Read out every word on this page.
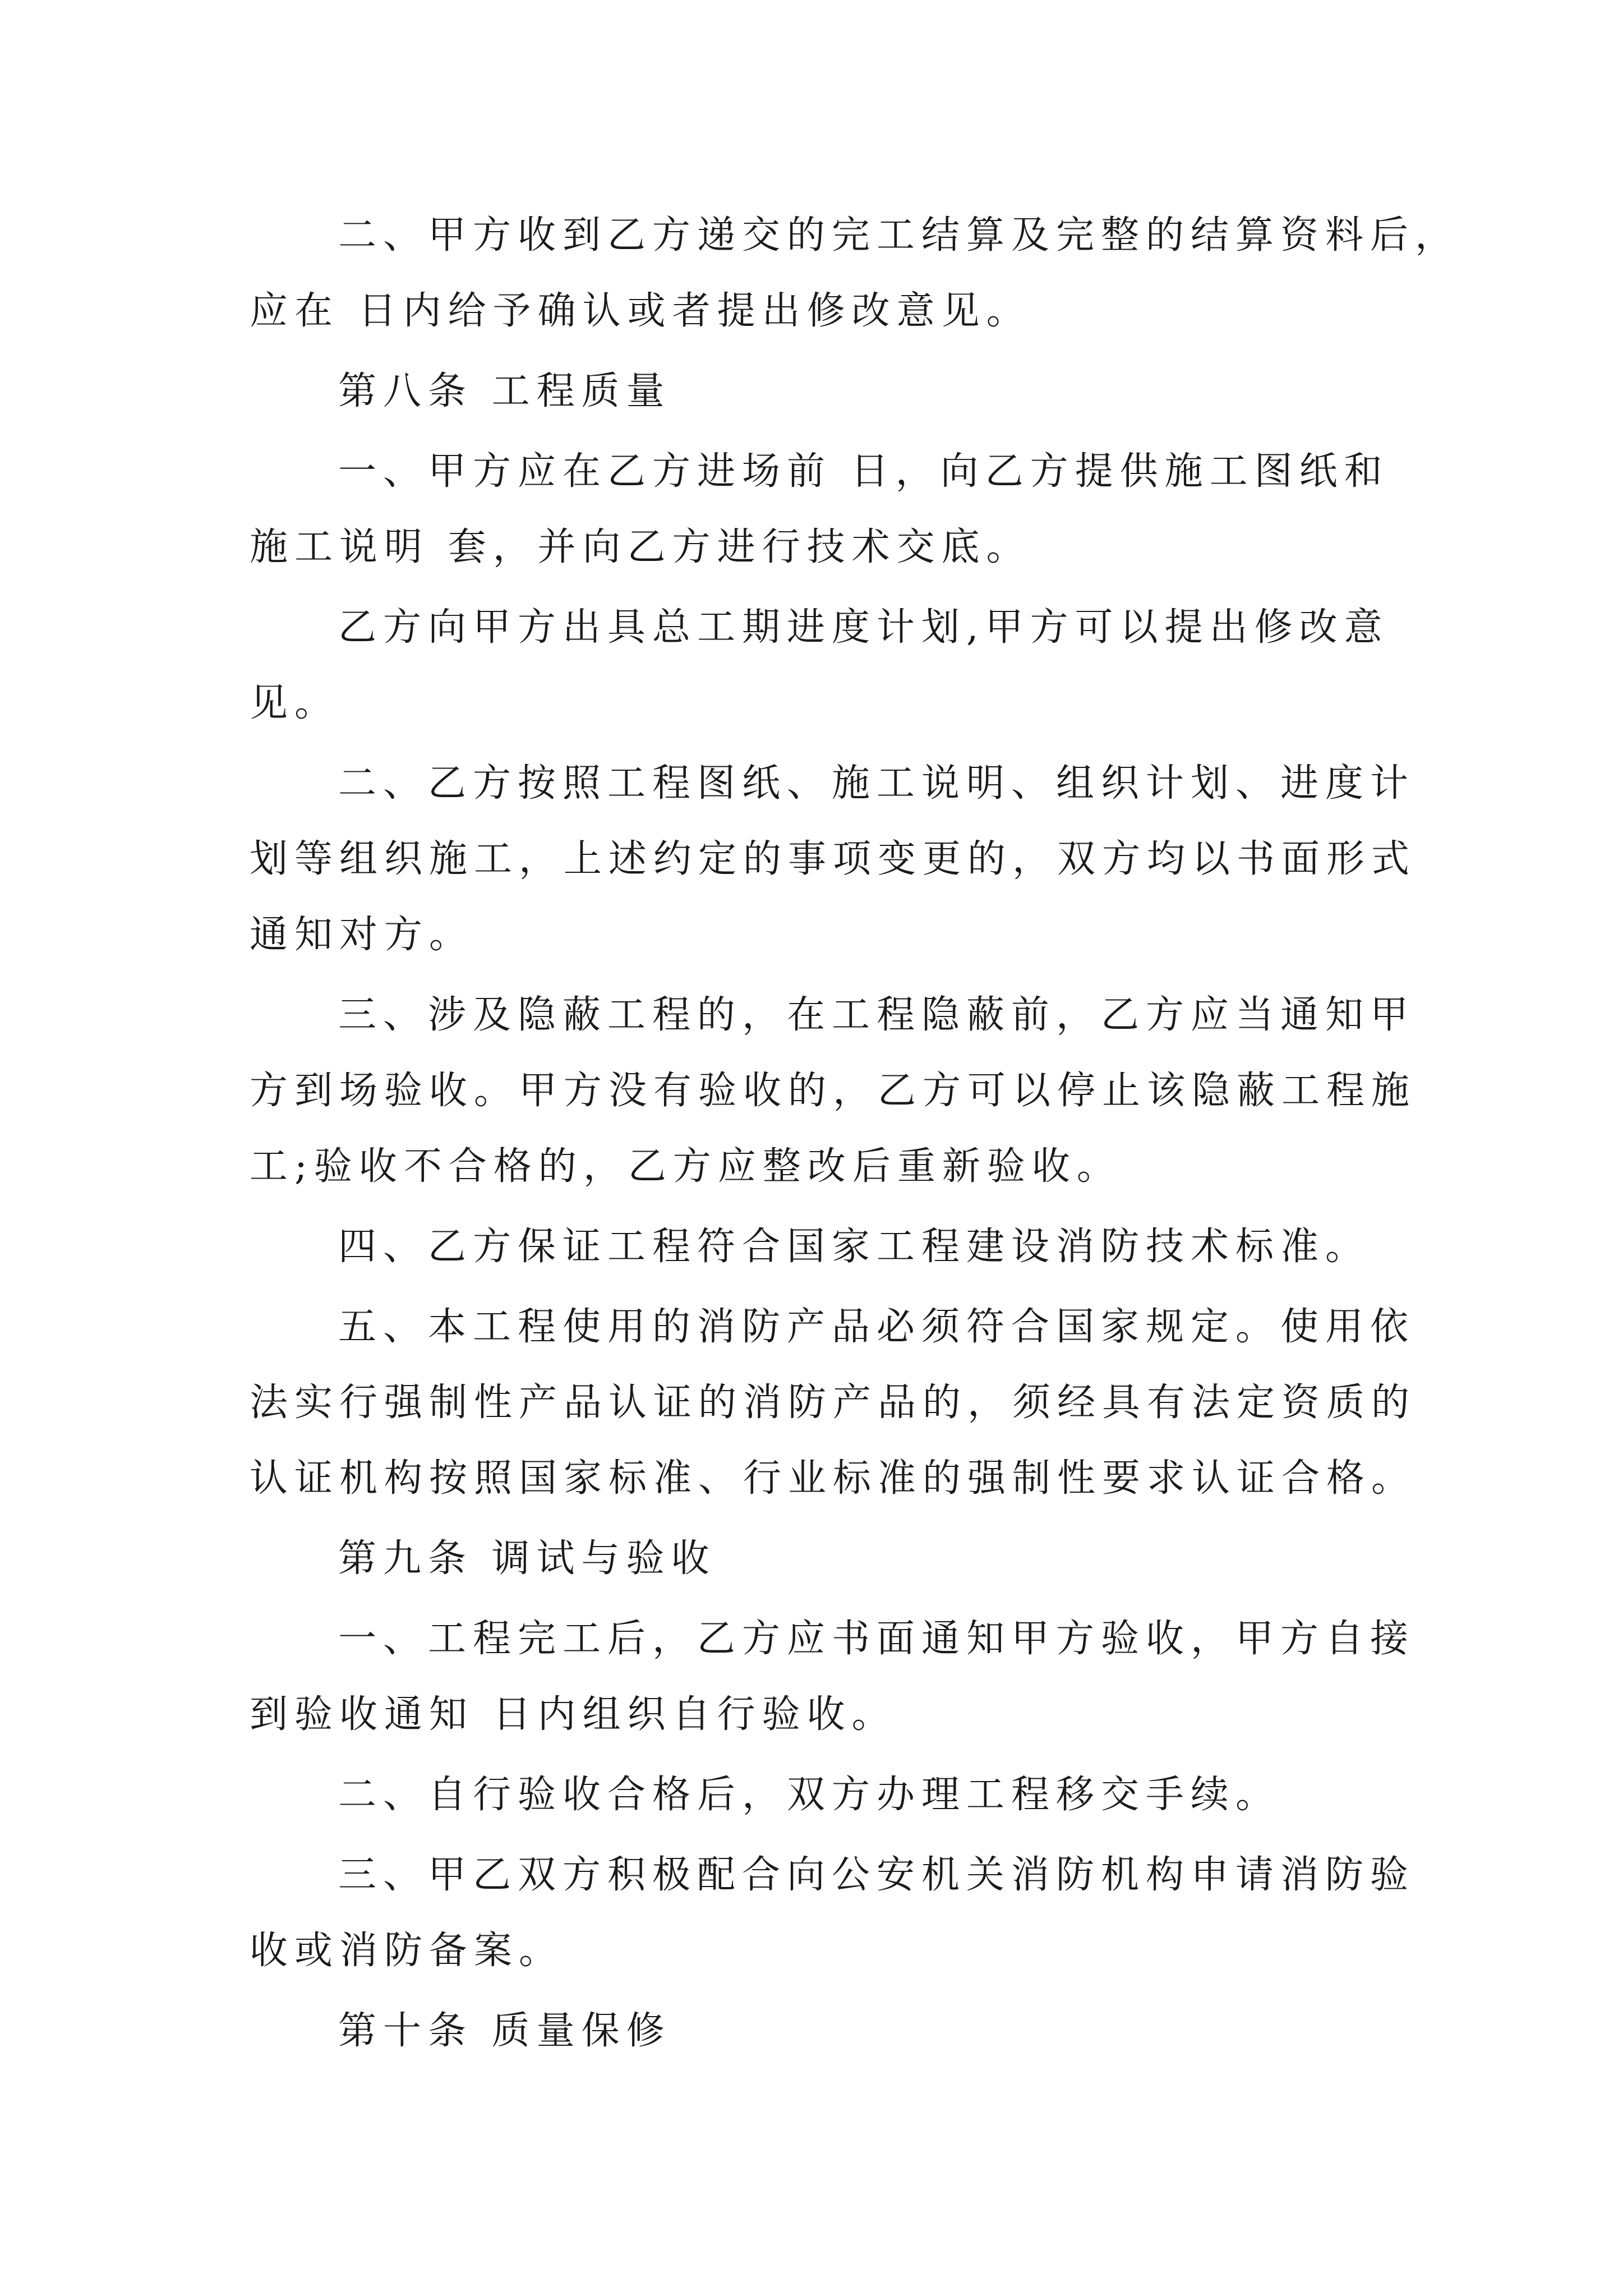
二、甲方收到乙方递交的完工结算及完整的结算资料后，
应在 日内给予确认或者提出修改意见。
第八条 工程质量
一、甲方应在乙方进场前 日，向乙方提供施工图纸和
施工说明 套，并向乙方进行技术交底。
乙方向甲方出具总工期进度计划,甲方可以提出修改意
见。
二、乙方按照工程图纸、施工说明、组织计划、进度计
划等组织施工，上述约定的事项变更的，双方均以书面形式
通知对方。
三、涉及隐蔽工程的，在工程隐蔽前，乙方应当通知甲
方到场验收。甲方没有验收的，乙方可以停止该隐蔽工程施
工;验收不合格的，乙方应整改后重新验收。
四、乙方保证工程符合国家工程建设消防技术标准。
五、本工程使用的消防产品必须符合国家规定。使用依
法实行强制性产品认证的消防产品的，须经具有法定资质的
认证机构按照国家标准、行业标准的强制性要求认证合格。
第九条 调试与验收
一、工程完工后，乙方应书面通知甲方验收，甲方自接
到验收通知 日内组织自行验收。
二、自行验收合格后，双方办理工程移交手续。
三、甲乙双方积极配合向公安机关消防机构申请消防验
收或消防备案。
第十条 质量保修
